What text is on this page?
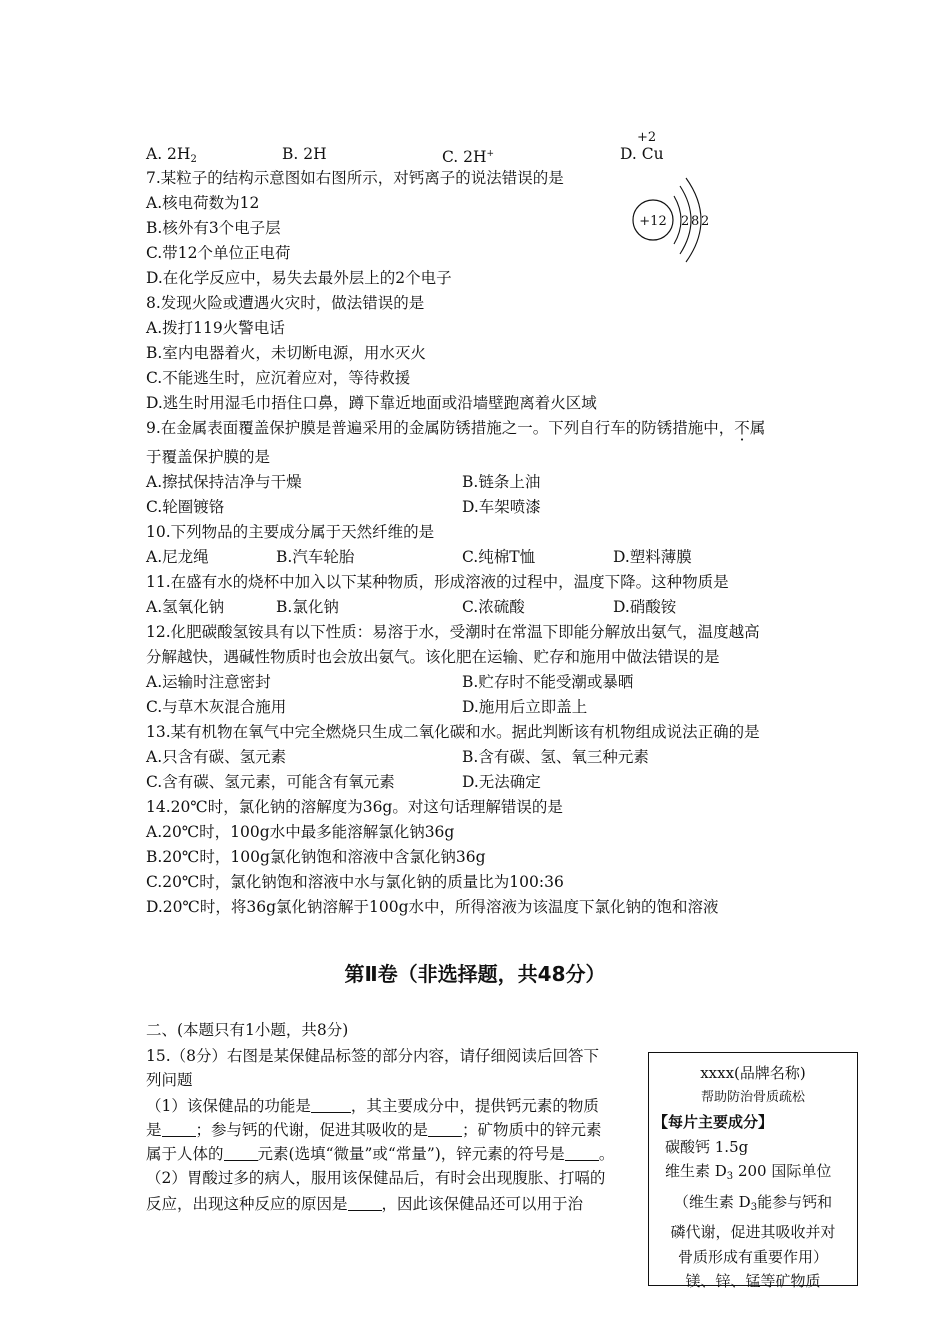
A. $2H_2$	B. 2H	C. 2H+
+2
D. Cu
7.某粒子的结构示意图如右图所示，对钙离子的说法错误的是
A.核电荷数为12
B.核外有3个电子层
C.带12个单位正电荷
D.在化学反应中，易失去最外层上的2个电子
+12 2 8 2
8.发现火险或遭遇火灾时，做法错误的是
A.拨打119火警电话
B.室内电器着火，未切断电源，用水灭火
C.不能逃生时，应沉着应对，等待救援
D.逃生时用湿毛巾捂住口鼻，蹲下靠近地面或沿墙壁跑离着火区域
9.在金属表面覆盖保护膜是普遍采用的金属防锈措施之一。下列自行车的防锈措施中，不属
于覆盖保护膜的是
A.擦拭保持洁净与干燥	B.链条上油
C.轮圈镀铬	D.车架喷漆
10.下列物品的主要成分属于天然纤维的是
A.尼龙绳	B.汽车轮胎	C.纯棉T恤	D.塑料薄膜
11.在盛有水的烧杯中加入以下某种物质，形成溶液的过程中，温度下降。这种物质是
A.氢氧化钠	B.氯化钠	C.浓硫酸	D.硝酸铵
12.化肥碳酸氢铵具有以下性质：易溶于水，受潮时在常温下即能分解放出氨气，温度越高
分解越快，遇碱性物质时也会放出氨气。该化肥在运输、贮存和施用中做法错误的是
A.运输时注意密封	B.贮存时不能受潮或暴晒
C.与草木灰混合施用	D.施用后立即盖上
13.某有机物在氧气中完全燃烧只生成二氧化碳和水。据此判断该有机物组成说法正确的是
A.只含有碳、氢元素	B.含有碳、氢、氧三种元素
C.含有碳、氢元素，可能含有氧元素	D.无法确定
14.20℃时，氯化钠的溶解度为36g。对这句话理解错误的是
A.20℃时，100g水中最多能溶解氯化钠36g
B.20℃时，100g氯化钠饱和溶液中含氯化钠36g
C.20℃时，氯化钠饱和溶液中水与氯化钠的质量比为100:36
D.20℃时，将36g氯化钠溶解于100g水中，所得溶液为该温度下氯化钠的饱和溶液
第Ⅱ卷（非选择题，共48分）
二、(本题只有1小题，共8分)
15.（8分）右图是某保健品标签的部分内容，请仔细阅读后回答下
列问题
（1）该保健品的功能是	，其主要成分中，提供钙元素的物质
是 ；参与钙的代谢，促进其吸收的是 ；矿物质中的锌元素
属于人体的 元素(选填“微量”或“常量”)，锌元素的符号是 。
（2）胃酸过多的病人，服用该保健品后，有时会出现腹胀、打嗝的
反应，出现这种反应的原因是 ，因此该保健品还可以用于治
xxxx(品牌名称)
帮助防治骨质疏松
【每片主要成分】
碳酸钙 1.5g
维生素 $D_3$ 200 国际单位
（维生素 $D_3$能参与钙和
磷代谢，促进其吸收并对
骨质形成有重要作用）
镁、锌、锰等矿物质
